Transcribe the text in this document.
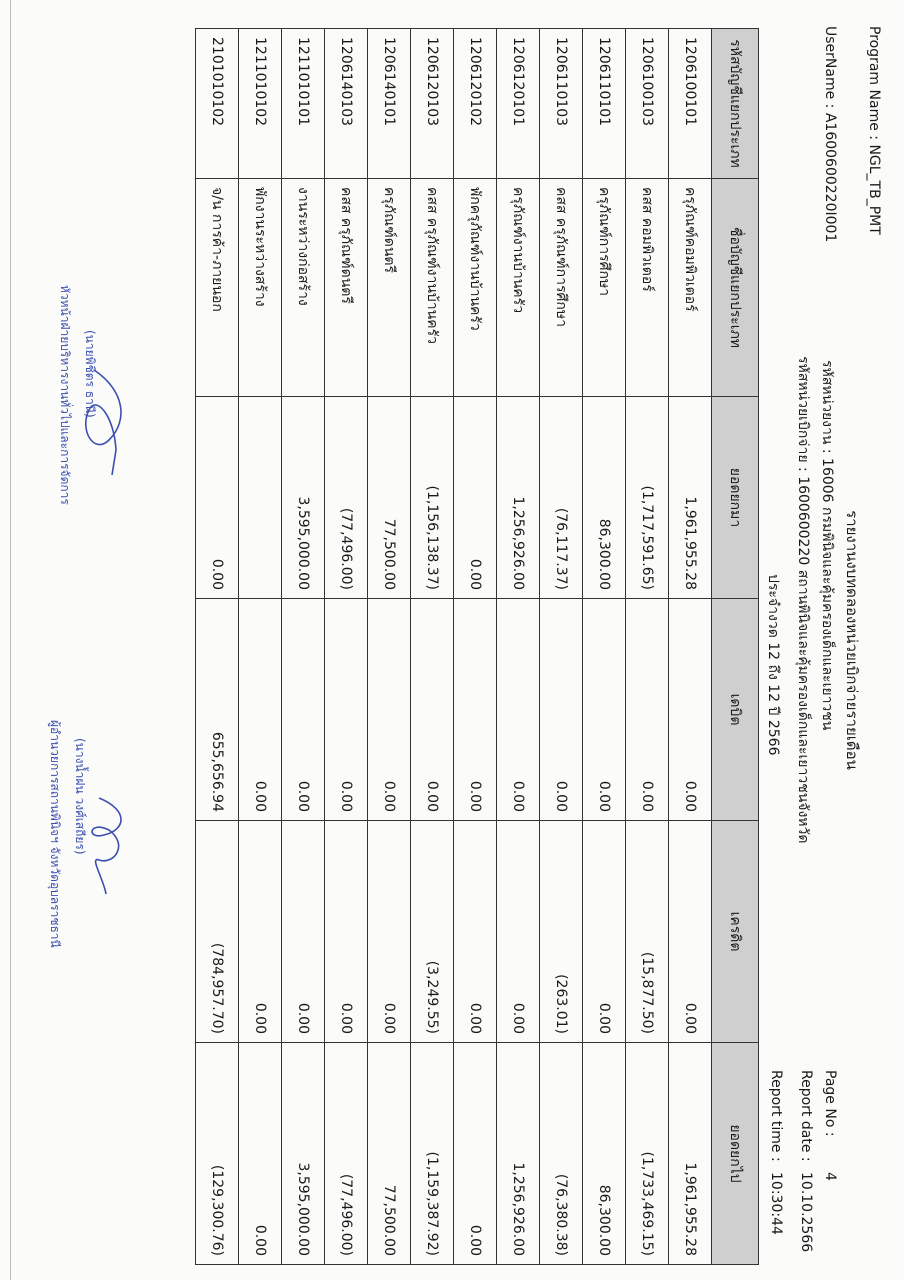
รายงานงบทดลองหน่วยเบิกจ่ายรายเดือน
Program Name : NGL_TB_PMT
UserName : A1600600220I001
รหัสหน่วยงาน : 16006 กรมพินิจและคุ้มครองเด็กและเยาวชน
รหัสหน่วยเบิกจ่าย : 1600600220 สถานพินิจและคุ้มครองเด็กและเยาวชนจังหวัด
Page No :
4
Report date :
10.10.2566
รหัสบัญชีแยกประเภท	ชื่อบัญชีแยกประเภท	ยอดยกมา	เดบิต	เครดิต	ยอดยกไป
1206100101	ครุภัณฑ์คอมพิวเตอร์	1,961,955.28	0.00	0.00	1,961,955.28
1206100103	คสส คอมพิวเตอร์	(1,717,591.65)	0.00	(15,877.50)	(1,733,469.15)
1206110101	ครุภัณฑ์การศึกษา	86,300.00	0.00	0.00	86,300.00
1206110103	คสส ครุภัณฑ์การศึกษา	(76,117.37)	0.00	(263.01)	(76,380.38)
1206120101	ครุภัณฑ์งานบ้านครัว	1,256,926.00	0.00	0.00	1,256,926.00
1206120102	พักครุภัณฑ์งานบ้านครัว	0.00	0.00	0.00	0.00
1206120103	คสส ครุภัณฑ์งานบ้านครัว	(1,156,138.37)	0.00	(3,249.55)	(1,159,387.92)
1206140101	ครุภัณฑ์ดนตรี	77,500.00	0.00	0.00	77,500.00
1206140103	คสส ครุภัณฑ์ดนตรี	(77,496.00)	0.00	0.00	(77,496.00)
1211010101	งานระหว่างก่อสร้าง	3,595,000.00	0.00	0.00	3,595,000.00
1211010102	พักงานระหว่างสร้าง		0.00	0.00	0.00
2101010102	จ/น การค้า-ภายนอก	0.00	655,656.94	(784,957.70)	(129,300.76)
ประจำงวด 12 ถึง 12 ปี 2566
Report time :
10:30:44
(นายพิชิตร ธานี)
หัวหน้าฝ่ายบริหารงานทั่วไปและการจัดการ
(นางน้ำฝน วงศ์เสถียร)
ผู้อำนวยการสถานพินิจฯ จังหวัดอุบลราชธานี
